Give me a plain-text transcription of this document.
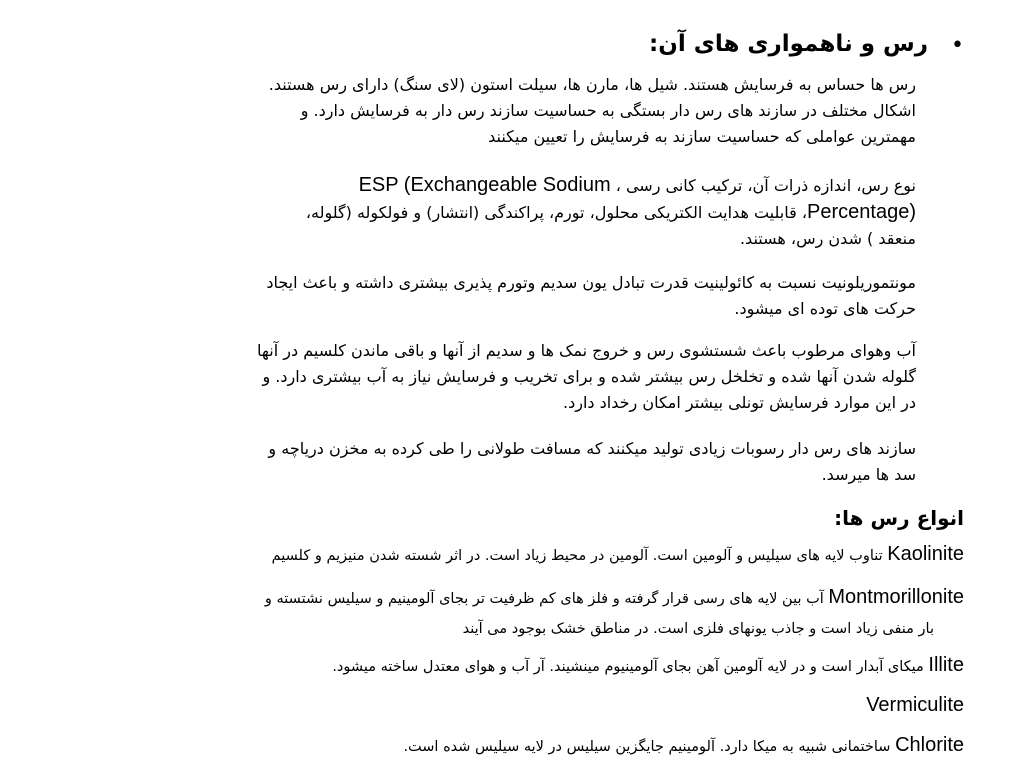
•
رس و ناهمواری های آن:
رس ها حساس به فرسایش هستند. شیل ها، مارن ها، سیلت استون (لای سنگ) دارای رس هستند.
اشکال مختلف در سازند های رس دار بستگی به حساسیت سازند رس دار به فرسایش دارد. و
مهمترین عواملی که حساسیت سازند به فرسایش را تعیین میکنند
نوع رس، اندازه ذرات آن، ترکیب کانی رسی ، ESP (Exchangeable Sodium
Percentage)، قابلیت هدایت الکتریکی محلول، تورم، پراکندگی (انتشار) و فولکوله (گلوله،
منعقد ) شدن رس، هستند.
مونتموریلونیت نسبت به کائولینیت قدرت تبادل یون سدیم وتورم پذیری بیشتری داشته و باعث ایجاد
حرکت های توده ای میشود.
آب وهوای مرطوب باعث شستشوی رس و خروج نمک ها و سدیم از آنها و باقی ماندن کلسیم در آنها
گلوله شدن آنها شده و تخلخل رس بیشتر شده و برای تخریب و فرسایش نیاز به آب بیشتری دارد. و
در این موارد فرسایش تونلی بیشتر امکان رخداد دارد.
سازند های رس دار رسوبات زیادی تولید میکنند که مسافت طولانی را طی کرده به مخزن دریاچه و
سد ها میرسد.
انواع رس ها:
Kaolinite تناوب لایه های سیلیس و آلومین است. آلومین در محیط زیاد است. در اثر شسته شدن منیزیم و کلسیم
Montmorillonite آب بین لایه های رسی قرار گرفته و فلز های کم ظرفیت تر بجای آلومینیم و سیلیس نشتسته و
بار منفی زیاد است و جاذب یونهای فلزی است. در مناطق خشک بوجود می آیند
Illite میکای آبدار است و در لایه آلومین آهن بجای آلومینیوم مینشیند. آر آب و هوای معتدل ساخته میشود.
Vermiculite
Chlorite ساختمانی شبیه به میکا دارد. آلومینیم جایگزین سیلیس در لایه سیلیس شده است.
